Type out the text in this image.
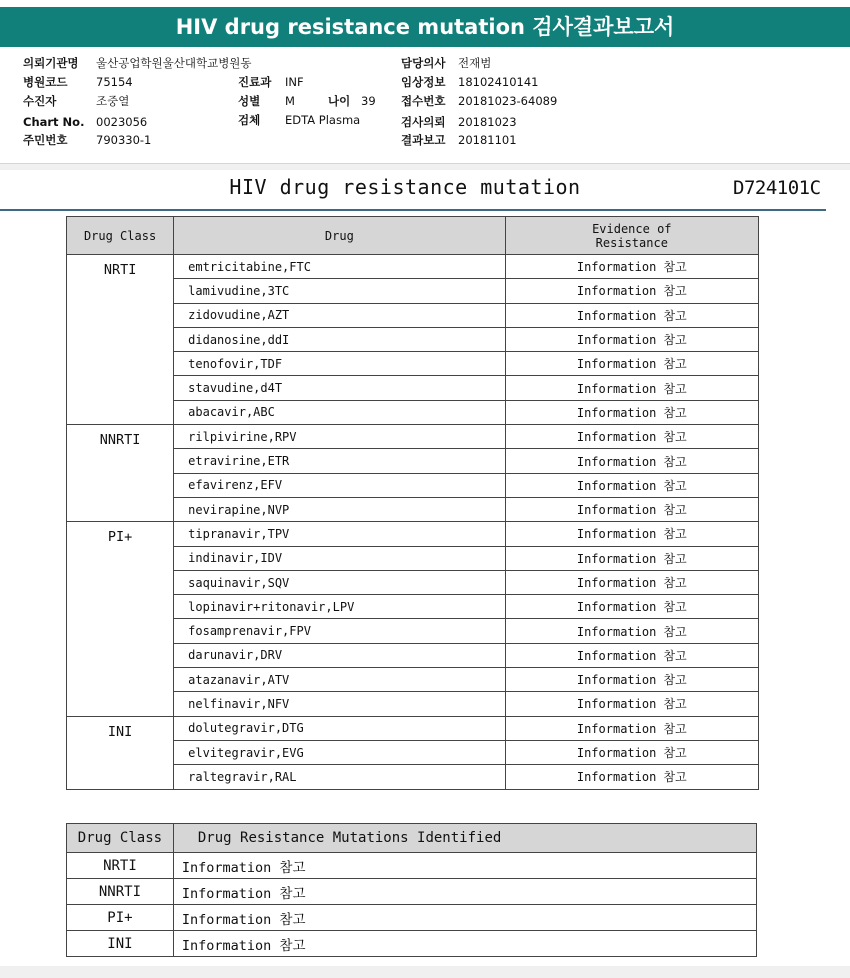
HIV drug resistance mutation 검사결과보고서
의뢰기관명 울산공업학원울산대학교병원동
병원코드 75154
수진자	조중열
Chart No. 0023056
주민번호 790330-1
진료과 INF
성별 M	나이 39
검체 EDTA Plasma
담당의사 전재범
임상정보 18102410141
접수번호 20181023-64089
검사의뢰 20181023
결과보고 20181101
HIV drug resistance mutation	D724101C
Drug Class	Drug	Evidence of
Resistance
NRTI	emtricitabine,FTC	Information 참고
	lamivudine,3TC	Information 참고
	zidovudine,AZT	Information 참고
	didanosine,ddI	Information 참고
	tenofovir,TDF	Information 참고
	stavudine,d4T	Information 참고
	abacavir,ABC	Information 참고
NNRTI	rilpivirine,RPV	Information 참고
	etravirine,ETR	Information 참고
	efavirenz,EFV	Information 참고
	nevirapine,NVP	Information 참고
PI+	tipranavir,TPV	Information 참고
	indinavir,IDV	Information 참고
	saquinavir,SQV	Information 참고
	lopinavir+ritonavir,LPV	Information 참고
	fosamprenavir,FPV	Information 참고
	darunavir,DRV	Information 참고
	atazanavir,ATV	Information 참고
	nelfinavir,NFV	Information 참고
INI	dolutegravir,DTG	Information 참고
	elvitegravir,EVG	Information 참고
	raltegravir,RAL	Information 참고
Drug Class	Drug Resistance Mutations Identified
NRTI	Information 참고
NNRTI	Information 참고
PI+	Information 참고
INI	Information 참고
